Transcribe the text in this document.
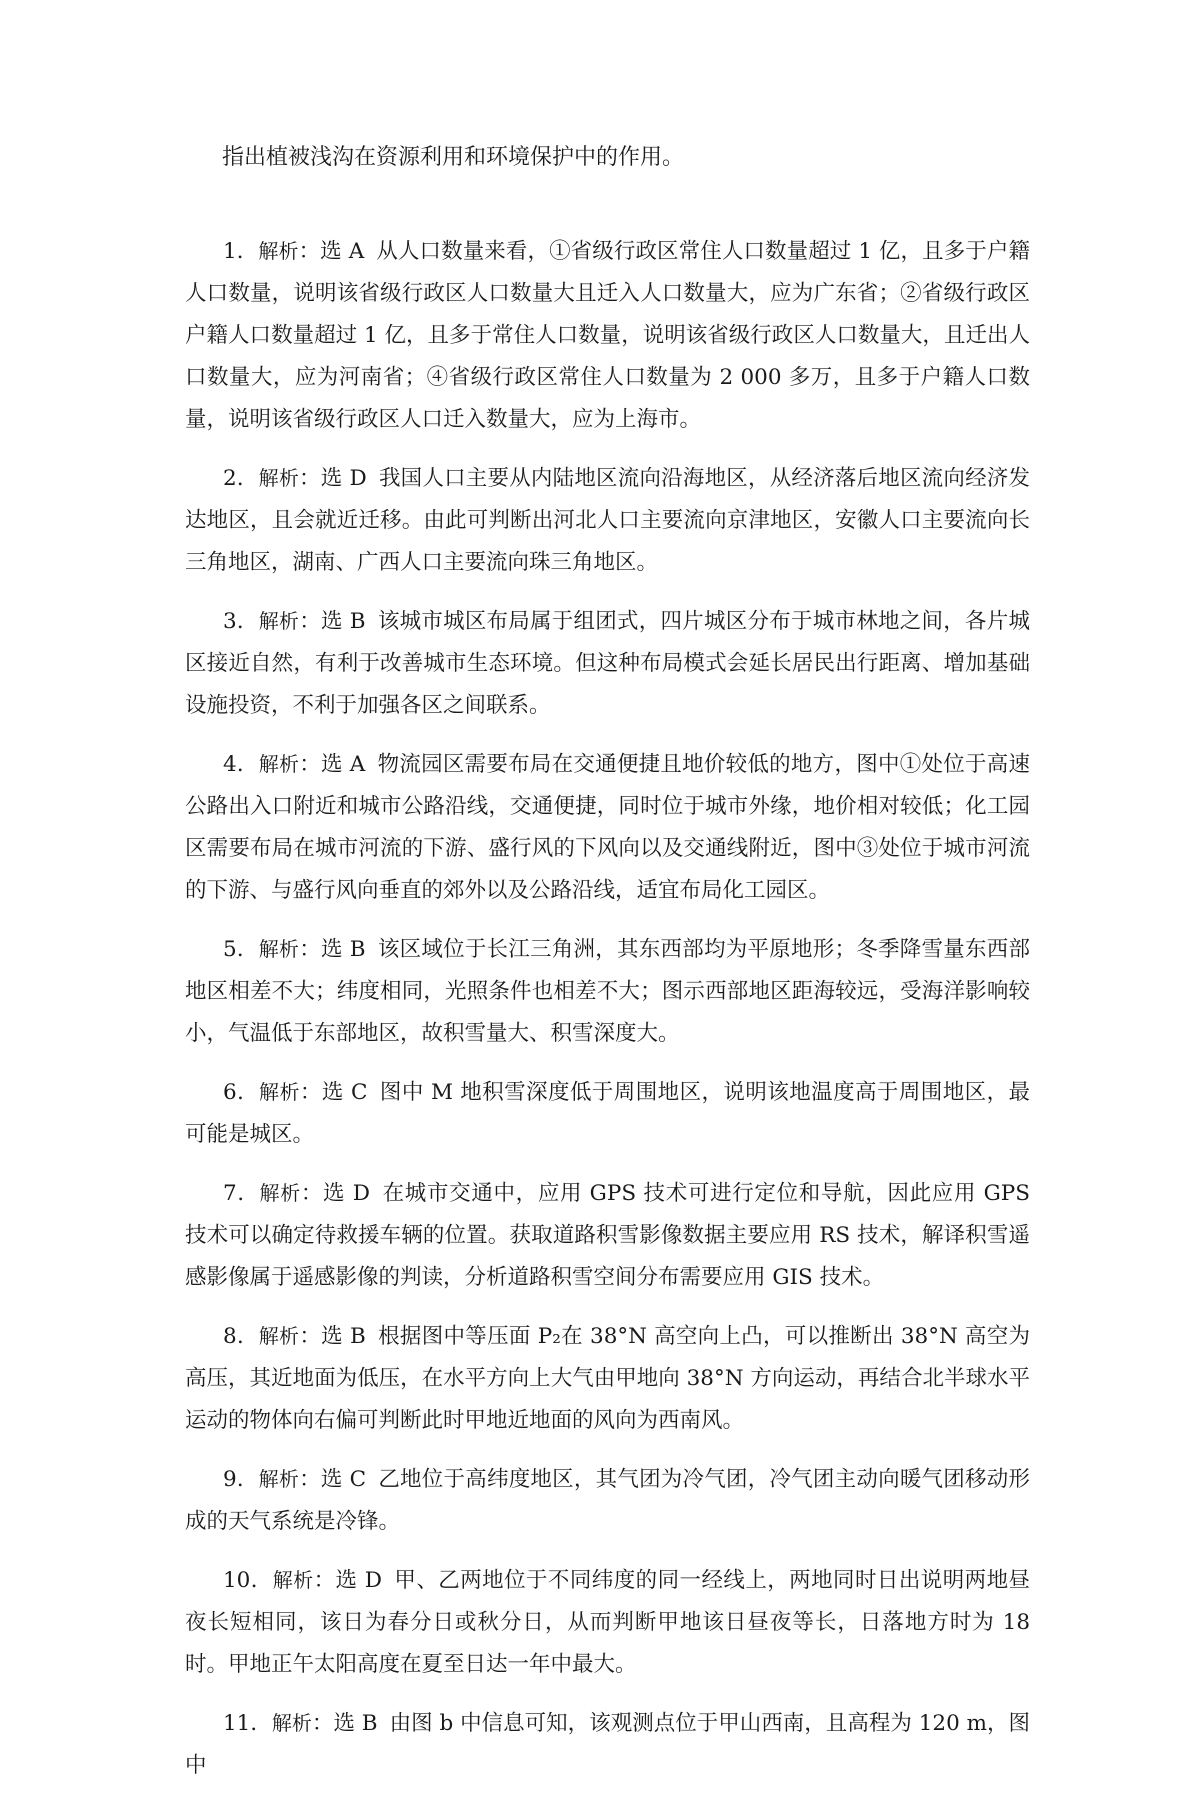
指出植被浅沟在资源利用和环境保护中的作用。

1．解析：选 A 从人口数量来看，①省级行政区常住人口数量超过 1 亿，且多于户籍人口数量，说明该省级行政区人口数量大且迁入人口数量大，应为广东省；②省级行政区户籍人口数量超过 1 亿，且多于常住人口数量，说明该省级行政区人口数量大，且迁出人口数量大，应为河南省；④省级行政区常住人口数量为 2 000 多万，且多于户籍人口数量，说明该省级行政区人口迁入数量大，应为上海市。

2．解析：选 D 我国人口主要从内陆地区流向沿海地区，从经济落后地区流向经济发达地区，且会就近迁移。由此可判断出河北人口主要流向京津地区，安徽人口主要流向长三角地区，湖南、广西人口主要流向珠三角地区。

3．解析：选 B 该城市城区布局属于组团式，四片城区分布于城市林地之间，各片城区接近自然，有利于改善城市生态环境。但这种布局模式会延长居民出行距离、增加基础设施投资，不利于加强各区之间联系。

4．解析：选 A 物流园区需要布局在交通便捷且地价较低的地方，图中①处位于高速公路出入口附近和城市公路沿线，交通便捷，同时位于城市外缘，地价相对较低；化工园区需要布局在城市河流的下游、盛行风的下风向以及交通线附近，图中③处位于城市河流的下游、与盛行风向垂直的郊外以及公路沿线，适宜布局化工园区。

5．解析：选 B 该区域位于长江三角洲，其东西部均为平原地形；冬季降雪量东西部地区相差不大；纬度相同，光照条件也相差不大；图示西部地区距海较远，受海洋影响较小，气温低于东部地区，故积雪量大、积雪深度大。

6．解析：选 C 图中 M 地积雪深度低于周围地区，说明该地温度高于周围地区，最可能是城区。

7．解析：选 D 在城市交通中，应用 GPS 技术可进行定位和导航，因此应用 GPS 技术可以确定待救援车辆的位置。获取道路积雪影像数据主要应用 RS 技术，解译积雪遥感影像属于遥感影像的判读，分析道路积雪空间分布需要应用 GIS 技术。

8．解析：选 B 根据图中等压面 P₂在 38°N 高空向上凸，可以推断出 38°N 高空为高压，其近地面为低压，在水平方向上大气由甲地向 38°N 方向运动，再结合北半球水平运动的物体向右偏可判断此时甲地近地面的风向为西南风。

9．解析：选 C 乙地位于高纬度地区，其气团为冷气团，冷气团主动向暖气团移动形成的天气系统是冷锋。

10．解析：选 D 甲、乙两地位于不同纬度的同一经线上，两地同时日出说明两地昼夜长短相同，该日为春分日或秋分日，从而判断甲地该日昼夜等长，日落地方时为 18 时。甲地正午太阳高度在夏至日达一年中最大。

11．解析：选 B 由图 b 中信息可知，该观测点位于甲山西南，且高程为 120 m，图中
